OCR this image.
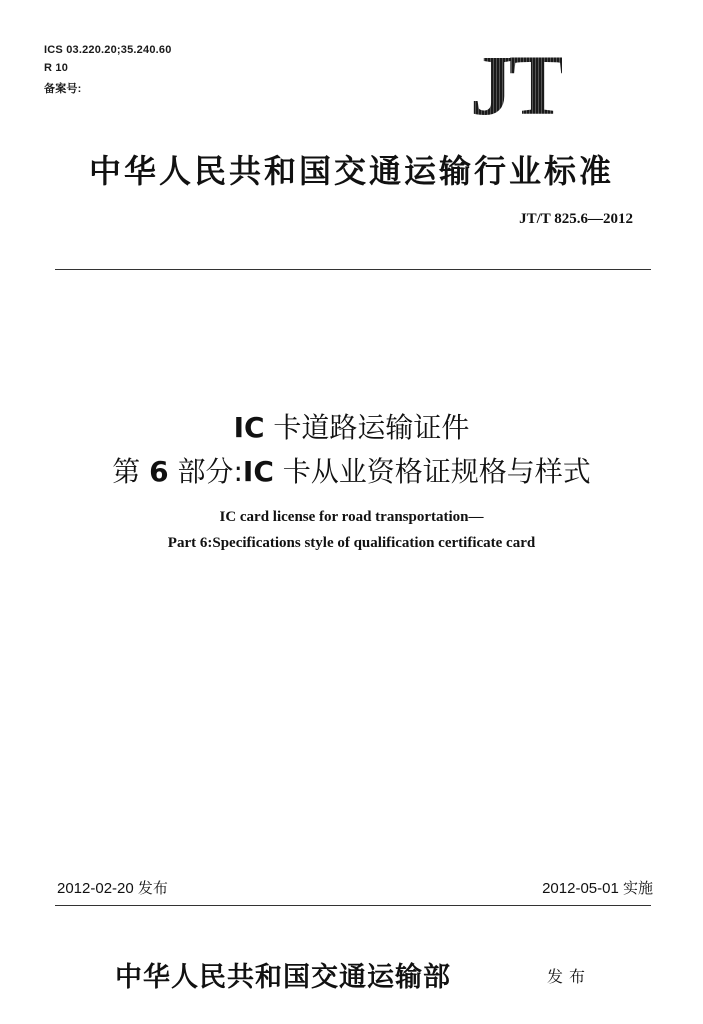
ICS 03.220.20;35.240.60
R 10
备案号:	JT
中华人民共和国交通运输行业标准
JT/T 825.6—2012
IC 卡道路运输证件
第 6 部分:IC 卡从业资格证规格与样式
IC card license for road transportation—
Part 6:Specifications style of qualification certificate card
2012-02-20 发布	2012-05-01 实施
中华人民共和国交通运输部	发布
